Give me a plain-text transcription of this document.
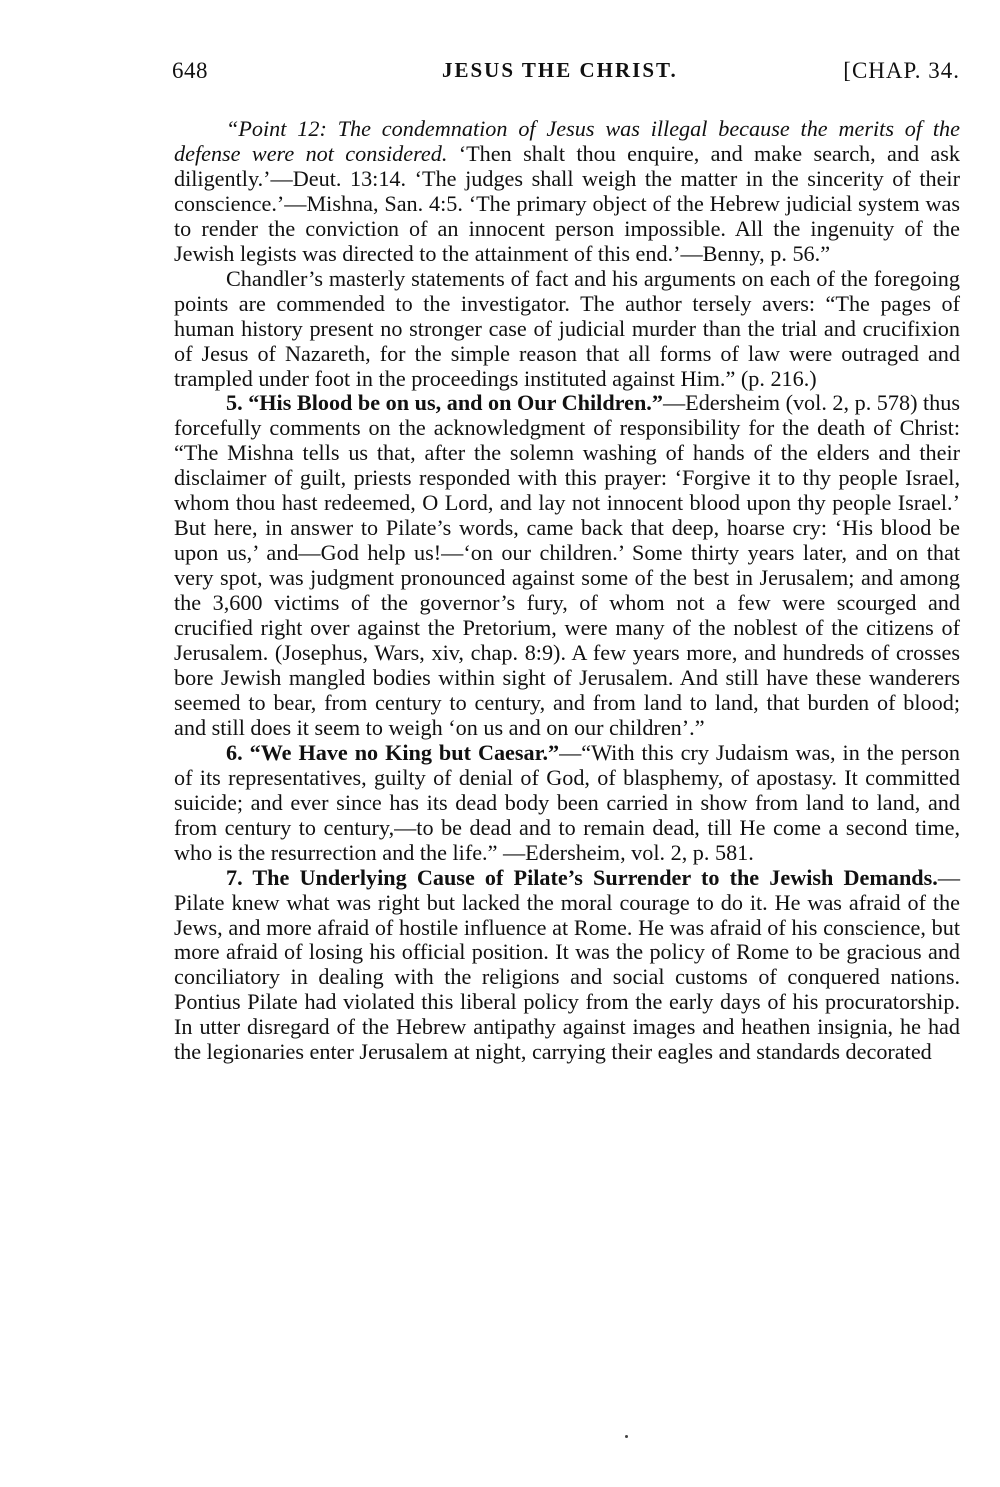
648	JESUS THE CHRIST.	[CHAP. 34.

“Point 12: The condemnation of Jesus was illegal because the merits of the defense were not considered. ‘Then shalt thou enquire, and make search, and ask diligently.’—Deut. 13:14. ‘The judges shall weigh the matter in the sincerity of their conscience.’—Mishna, San. 4:5. ‘The primary object of the Hebrew judicial system was to render the conviction of an innocent person impossible. All the ingenuity of the Jewish legists was directed to the attainment of this end.’—Benny, p. 56.”

Chandler’s masterly statements of fact and his arguments on each of the foregoing points are commended to the investigator. The author tersely avers: “The pages of human history present no stronger case of judicial murder than the trial and crucifixion of Jesus of Nazareth, for the simple reason that all forms of law were outraged and trampled under foot in the proceedings instituted against Him.” (p. 216.)

5. “His Blood be on us, and on Our Children.”—Edersheim (vol. 2, p. 578) thus forcefully comments on the acknowledgment of responsibility for the death of Christ: “The Mishna tells us that, after the solemn washing of hands of the elders and their disclaimer of guilt, priests responded with this prayer: ‘Forgive it to thy people Israel, whom thou hast redeemed, O Lord, and lay not innocent blood upon thy people Israel.’ But here, in answer to Pilate’s words, came back that deep, hoarse cry: ‘His blood be upon us,’ and—God help us!—‘on our children.’ Some thirty years later, and on that very spot, was judgment pronounced against some of the best in Jerusalem; and among the 3,600 victims of the governor’s fury, of whom not a few were scourged and crucified right over against the Pretorium, were many of the noblest of the citizens of Jerusalem. (Josephus, Wars, xiv, chap. 8:9). A few years more, and hundreds of crosses bore Jewish mangled bodies within sight of Jerusalem. And still have these wanderers seemed to bear, from century to century, and from land to land, that burden of blood; and still does it seem to weigh ‘on us and on our children’.”

6. “We Have no King but Caesar.”—“With this cry Judaism was, in the person of its representatives, guilty of denial of God, of blasphemy, of apostasy. It committed suicide; and ever since has its dead body been carried in show from land to land, and from century to century,—to be dead and to remain dead, till He come a second time, who is the resurrection and the life.” —Edersheim, vol. 2, p. 581.

7. The Underlying Cause of Pilate’s Surrender to the Jewish Demands.—Pilate knew what was right but lacked the moral courage to do it. He was afraid of the Jews, and more afraid of hostile influence at Rome. He was afraid of his conscience, but more afraid of losing his official position. It was the policy of Rome to be gracious and conciliatory in dealing with the religions and social customs of conquered nations. Pontius Pilate had violated this liberal policy from the early days of his procuratorship. In utter disregard of the Hebrew antipathy against images and heathen insignia, he had the legionaries enter Jerusalem at night, carrying their eagles and standards decorated
